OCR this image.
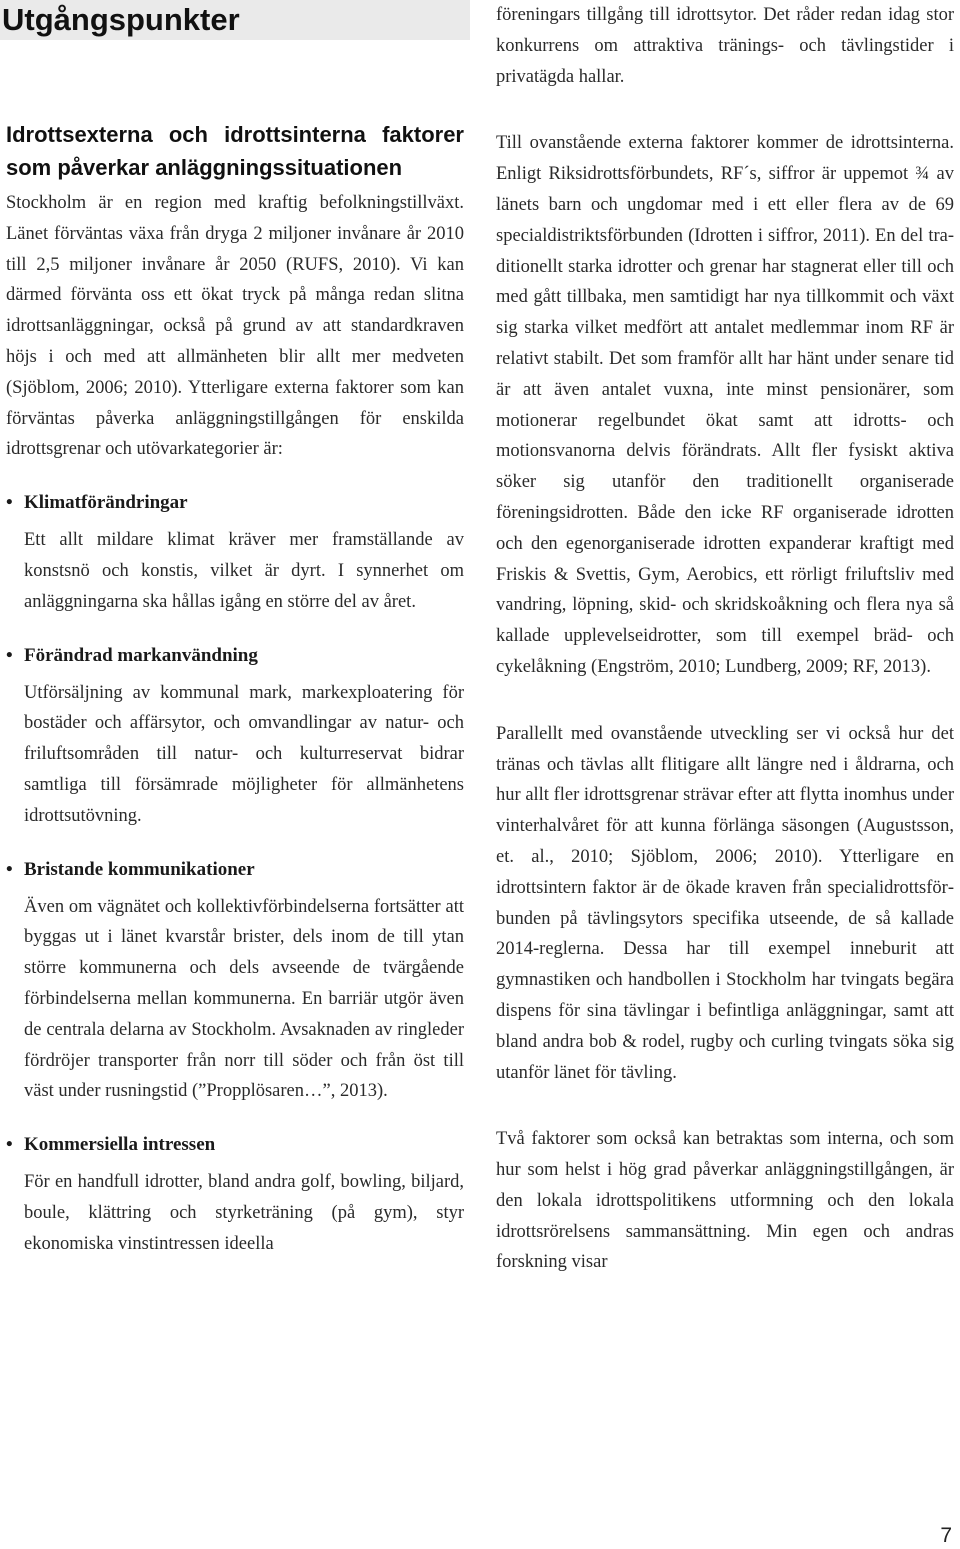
Utgångspunkter
Idrottsexterna och idrottsinterna faktorer som påverkar anläggningssituationen

Stockholm är en region med kraftig befolkningstillväxt. Länet förväntas växa från dryga 2 miljoner invånare år 2010 till 2,5 miljoner invånare år 2050 (RUFS, 2010). Vi kan därmed förvänta oss ett ökat tryck på många redan slitna idrottsanläggningar, också på grund av att standardkraven höjs i och med att allmänheten blir allt mer medveten (Sjöblom, 2006; 2010). Ytterligare externa faktorer som kan förväntas påverka anläggningstillgången för enskilda idrottsgrenar och utövarkategorier är:

• Klimatförändringar

Ett allt mildare klimat kräver mer framställande av konstsnö och konstis, vilket är dyrt. I synnerhet om anläggningarna ska hållas igång en större del av året.

• Förändrad markanvändning

Utförsäljning av kommunal mark, markexploatering för bostäder och affärsytor, och omvandlingar av natur- och friluftsområden till natur- och kulturreservat bidrar samtliga till försämrade möjligheter för allmänhetens idrottsutövning.

• Bristande kommunikationer

Även om vägnätet och kollektivförbindelserna fortsätter att byggas ut i länet kvarstår brister, dels inom de till ytan större kommunerna och dels avseende de tvärgående förbindelserna mellan kommunerna. En barriär utgör även de centrala delarna av Stockholm. Avsaknaden av ringleder fördröjer transporter från norr till söder och från öst till väst under rusningstid (”Propplösaren…”, 2013).

• Kommersiella intressen

För en handfull idrotter, bland andra golf, bowling, biljard, boule, klättring och styrketräning (på gym), styr ekonomiska vinstintressen ideella

föreningars tillgång till idrottsytor. Det råder redan idag stor konkurrens om attraktiva tränings- och tävlingstider i privatägda hallar.

Till ovanstående externa faktorer kommer de idrottsinterna. Enligt Riksidrottsförbundets, RF´s, siffror är uppemot ¾ av länets barn och ungdomar med i ett eller flera av de 69 specialdistriktsförbunden (Idrotten i siffror, 2011). En del traditionellt starka idrotter och grenar har stagnerat eller till och med gått tillbaka, men samtidigt har nya tillkommit och växt sig starka vilket medfört att antalet medlemmar inom RF är relativt stabilt. Det som framför allt har hänt under senare tid är att även antalet vuxna, inte minst pensionärer, som motionerar regelbundet ökat samt att idrotts- och motionsvanorna delvis förändrats. Allt fler fysiskt aktiva söker sig utanför den traditionellt organiserade föreningsidrotten. Både den icke RF organiserade idrotten och den egenorganiserade idrotten expanderar kraftigt med Friskis & Svettis, Gym, Aerobics, ett rörligt friluftsliv med vandring, löpning, skid- och skridskoåkning och flera nya så kallade upplevelseidrotter, som till exempel bräd- och cykelåkning (Engström, 2010; Lundberg, 2009; RF, 2013).

Parallellt med ovanstående utveckling ser vi också hur det tränas och tävlas allt flitigare allt längre ned i åldrarna, och hur allt fler idrottsgrenar strävar efter att flytta inomhus under vinterhalvåret för att kunna förlänga säsongen (Augustsson, et. al., 2010; Sjöblom, 2006; 2010). Ytterligare en idrottsintern faktor är de ökade kraven från specialidrottsförbunden på tävlingsytors specifika utseende, de så kallade 2014-reglerna. Dessa har till exempel inneburit att gymnastiken och handbollen i Stockholm har tvingats begära dispens för sina tävlingar i befintliga anläggningar, samt att bland andra bob & rodel, rugby och curling tvingats söka sig utanför länet för tävling.

Två faktorer som också kan betraktas som interna, och som hur som helst i hög grad påverkar anläggningstillgången, är den lokala idrottspolitikens utformning och den lokala idrottsrörelsens sammansättning. Min egen och andras forskning visar

7
